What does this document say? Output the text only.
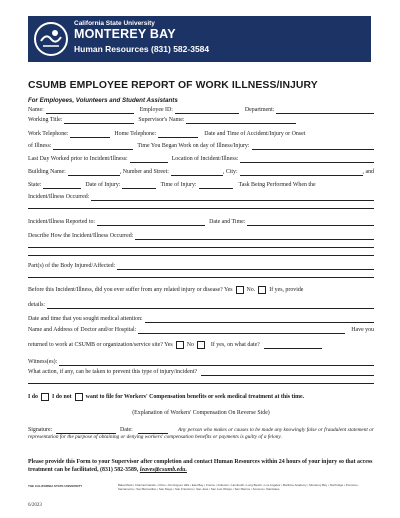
California State University
MONTEREY BAY
Human Resources (831) 582-3584
CSUMB EMPLOYEE REPORT OF WORK ILLNESS/INJURY
For Employees, Volunteers and Student Assistants
Name:	Employee ID:	Department:
Working Title:	Supervisor's Name:
Work Telephone:	Home Telephone:	Date and Time of Accident/Injury or Onset
of Illness:	Time You Began Work on day of Illness/Injury:
Last Day Worked prior to Incident/Illness:	Location of Incident/Illness:
Building Name:	, Number and Street:	, City:	, and
State:	Date of Injury:	Time of Injury:	Task Being Performed When the
Incident/Illness Occurred:
Incident/Illness Reported to:	Date and Time:
Describe How the Incident/Illness Occurred:
Part(s) of the Body Injured/Affected:
Before this Incident/Illness, did you ever suffer from any related injury or disease? Yes No. If yes, provide
details:
Date and time that you sought medical attention:
Name and Address of Doctor and/or Hospital:	Have you
returned to work at CSUMB or organization/service site? Yes No	If yes, on what date?
Witness(es):
What action, if any, can be taken to prevent this type of injury/incident?
I do I do not want to file for Workers' Compensation benefits or seek medical treatment at this time.
(Explanation of Workers' Compensation On Reverse Side)
Signature:	Date:	Any person who makes or causes to be made any knowingly false or fraudulent statement or representation for the purpose of obtaining or denying workers' compensation benefits or payments is guilty of a felony.
Please provide this Form to your Supervisor after completion and contact Human Resources within 24 hours of your injury so that access treatment can be facilitated, (831) 582-3589, leaves@csumb.edu.
THE CALIFORNIA STATE UNIVERSITY	Bakersfield • Channel Islands • Chico • Dominguez Hills • East Bay • Fresno • Fullerton • Humboldt • Long Beach • Los Angeles • Maritime Academy • Monterey Bay • Northridge • Pomona • Sacramento • San Bernardino • San Diego • San Francisco • San José • San Luis Obispo • San Marcos • Sonoma • Stanislaus
6/2023
